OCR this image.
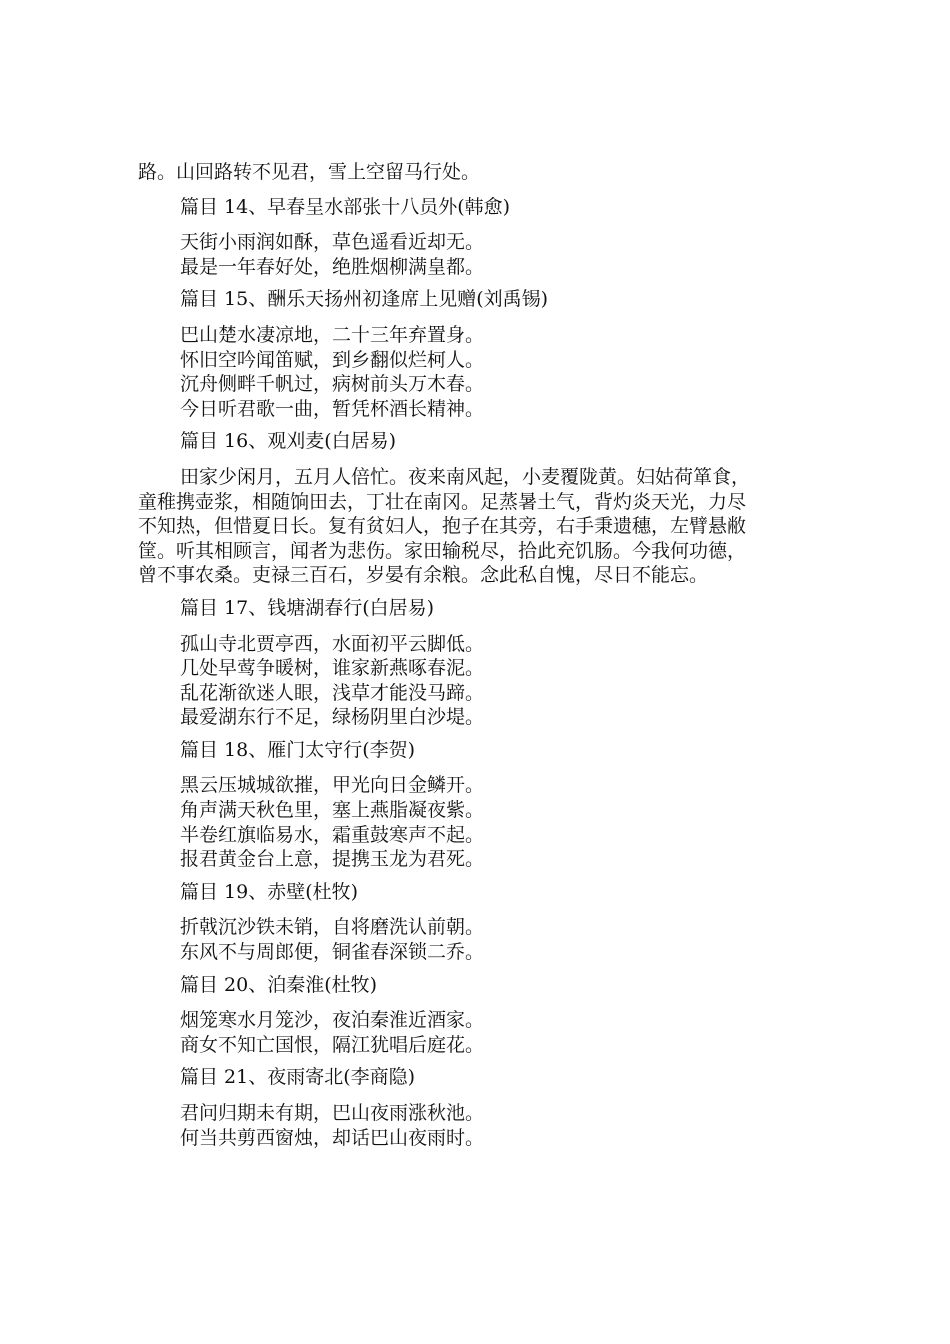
路。山回路转不见君，雪上空留马行处。

篇目 14、早春呈水部张十八员外(韩愈)

天街小雨润如酥，草色遥看近却无。

最是一年春好处，绝胜烟柳满皇都。

篇目 15、酬乐天扬州初逢席上见赠(刘禹锡)

巴山楚水凄凉地，二十三年弃置身。

怀旧空吟闻笛赋，到乡翻似烂柯人。

沉舟侧畔千帆过，病树前头万木春。

今日听君歌一曲，暂凭杯酒长精神。

篇目 16、观刈麦(白居易)

田家少闲月，五月人倍忙。夜来南风起，小麦覆陇黄。妇姑荷箪食，

童稚携壶浆，相随饷田去，丁壮在南冈。足蒸暑土气，背灼炎天光，力尽

不知热，但惜夏日长。复有贫妇人，抱子在其旁，右手秉遗穗，左臂悬敝

筐。听其相顾言，闻者为悲伤。家田输税尽，拾此充饥肠。今我何功德，

曾不事农桑。吏禄三百石，岁晏有余粮。念此私自愧，尽日不能忘。

篇目 17、钱塘湖春行(白居易)

孤山寺北贾亭西，水面初平云脚低。

几处早莺争暖树，谁家新燕啄春泥。

乱花渐欲迷人眼，浅草才能没马蹄。

最爱湖东行不足，绿杨阴里白沙堤。

篇目 18、雁门太守行(李贺)

黑云压城城欲摧，甲光向日金鳞开。

角声满天秋色里，塞上燕脂凝夜紫。

半卷红旗临易水，霜重鼓寒声不起。

报君黄金台上意，提携玉龙为君死。

篇目 19、赤壁(杜牧)

折戟沉沙铁未销，自将磨洗认前朝。

东风不与周郎便，铜雀春深锁二乔。

篇目 20、泊秦淮(杜牧)

烟笼寒水月笼沙，夜泊秦淮近酒家。

商女不知亡国恨，隔江犹唱后庭花。

篇目 21、夜雨寄北(李商隐)

君问归期未有期，巴山夜雨涨秋池。

何当共剪西窗烛，却话巴山夜雨时。
